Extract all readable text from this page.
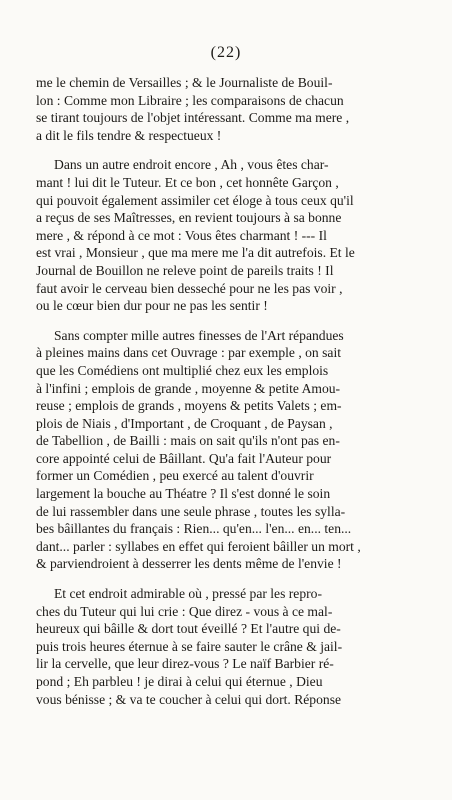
(22)
me le chemin de Versailles ; & le Journaliste de Bouil-
lon : Comme mon Libraire ; les comparaisons de chacun
se tirant toujours de l'objet intéressant. Comme ma mere ,
a dit le fils tendre & respectueux !
Dans un autre endroit encore , Ah , vous êtes char-
mant ! lui dit le Tuteur. Et ce bon , cet honnête Garçon ,
qui pouvoit également assimiler cet éloge à tous ceux qu'il
a reçus de ses Maîtresses, en revient toujours à sa bonne
mere , & répond à ce mot : Vous êtes charmant ! --- Il
est vrai , Monsieur , que ma mere me l'a dit autrefois. Et le
Journal de Bouillon ne releve point de pareils traits ! Il
faut avoir le cerveau bien desseché pour ne les pas voir ,
ou le cœur bien dur pour ne pas les sentir !
Sans compter mille autres finesses de l'Art répandues
à pleines mains dans cet Ouvrage : par exemple , on sait
que les Comédiens ont multiplié chez eux les emplois
à l'infini ; emplois de grande , moyenne & petite Amou-
reuse ; emplois de grands , moyens & petits Valets ; em-
plois de Niais , d'Important , de Croquant , de Paysan ,
de Tabellion , de Bailli : mais on sait qu'ils n'ont pas en-
core appointé celui de Bâillant. Qu'a fait l'Auteur pour
former un Comédien , peu exercé au talent d'ouvrir
largement la bouche au Théatre ? Il s'est donné le soin
de lui rassembler dans une seule phrase , toutes les sylla-
bes bâillantes du français : Rien... qu'en... l'en... en... ten...
dant... parler : syllabes en effet qui feroient bâiller un mort ,
& parviendroient à desserrer les dents même de l'envie !
Et cet endroit admirable où , pressé par les repro-
ches du Tuteur qui lui crie : Que direz - vous à ce mal-
heureux qui bâille & dort tout éveillé ? Et l'autre qui de-
puis trois heures éternue à se faire sauter le crâne & jail-
lir la cervelle, que leur direz-vous ? Le naïf Barbier ré-
pond ; Eh parbleu ! je dirai à celui qui éternue , Dieu
vous bénisse ; & va te coucher à celui qui dort. Réponse
